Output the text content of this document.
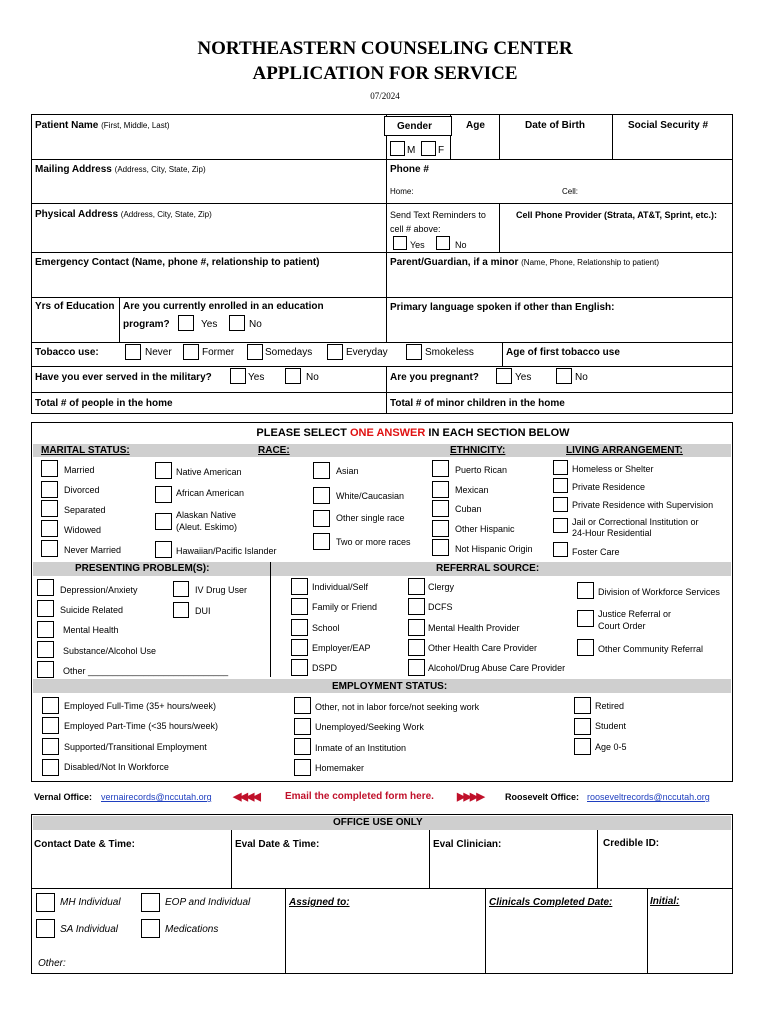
NORTHEASTERN COUNSELING CENTER
APPLICATION FOR SERVICE
07/2024
Patient Name (First, Middle, Last)	Gender	Age	Date of Birth	Social Security #
M F
Mailing Address (Address, City, State, Zip)	Phone #
Home:	Cell:
Physical Address (Address, City, State, Zip)	Send Text Reminders to
cell # above:
Yes	No
Cell Phone Provider (Strata, AT&T, Sprint, etc.):
Emergency Contact (Name, phone #, relationship to patient)	Parent/Guardian, if a minor (Name, Phone, Relationship to patient)
Yrs of Education Are you currently enrolled in an education
program?	Yes	No
Primary language spoken if other than English:
Tobacco use:	Never	Former	Somedays	Everyday	Smokeless	Age of first tobacco use
Have you ever served in the military?	Yes	No	Are you pregnant?	Yes	No
Total # of people in the home	Total # of minor children in the home
PLEASE SELECT ONE ANSWER IN EACH SECTION BELOW
MARITAL STATUS:	RACE:	ETHNICITY:	LIVING ARRANGEMENT:
Married
Divorced
Separated
Widowed
Never Married
Native American
African American
Alaskan Native
(Aleut. Eskimo)
Hawaiian/Pacific Islander
Asian
White/Caucasian
Other single race
Two or more races
Puerto Rican
Mexican
Cuban
Other Hispanic
Not Hispanic Origin
Homeless or Shelter
Private Residence
Private Residence with Supervision
Jail or Correctional Institution or
24-Hour Residential
Foster Care
PRESENTING PROBLEM(S):	REFERRAL SOURCE:
Depression/Anxiety
Suicide Related
Mental Health
Substance/Alcohol Use
Other ____________________________
IV Drug User
DUI
Individual/Self
Family or Friend
School
Employer/EAP
DSPD
Clergy
DCFS
Mental Health Provider
Other Health Care Provider
Alcohol/Drug Abuse Care Provider
Division of Workforce Services
Justice Referral or
Court Order
Other Community Referral
EMPLOYMENT STATUS:
Employed Full-Time (35+ hours/week)
Employed Part-Time (<35 hours/week)
Supported/Transitional Employment
Disabled/Not In Workforce
Other, not in labor force/not seeking work
Unemployed/Seeking Work
Inmate of an Institution
Homemaker
Retired
Student
Age 0-5
Vernal Office: vernairecords@nccutah.org ◀◀◀◀	Email the completed form here. ▶▶▶▶ Roosevelt Office: rooseveltrecords@nccutah.org
OFFICE USE ONLY
Contact Date & Time:	Eval Date & Time:	Eval Clinician:	Credible ID:
MH Individual	EOP and Individual
SA Individual	Medications
Other:
Assigned to:	Clinicals Completed Date:	Initial:
